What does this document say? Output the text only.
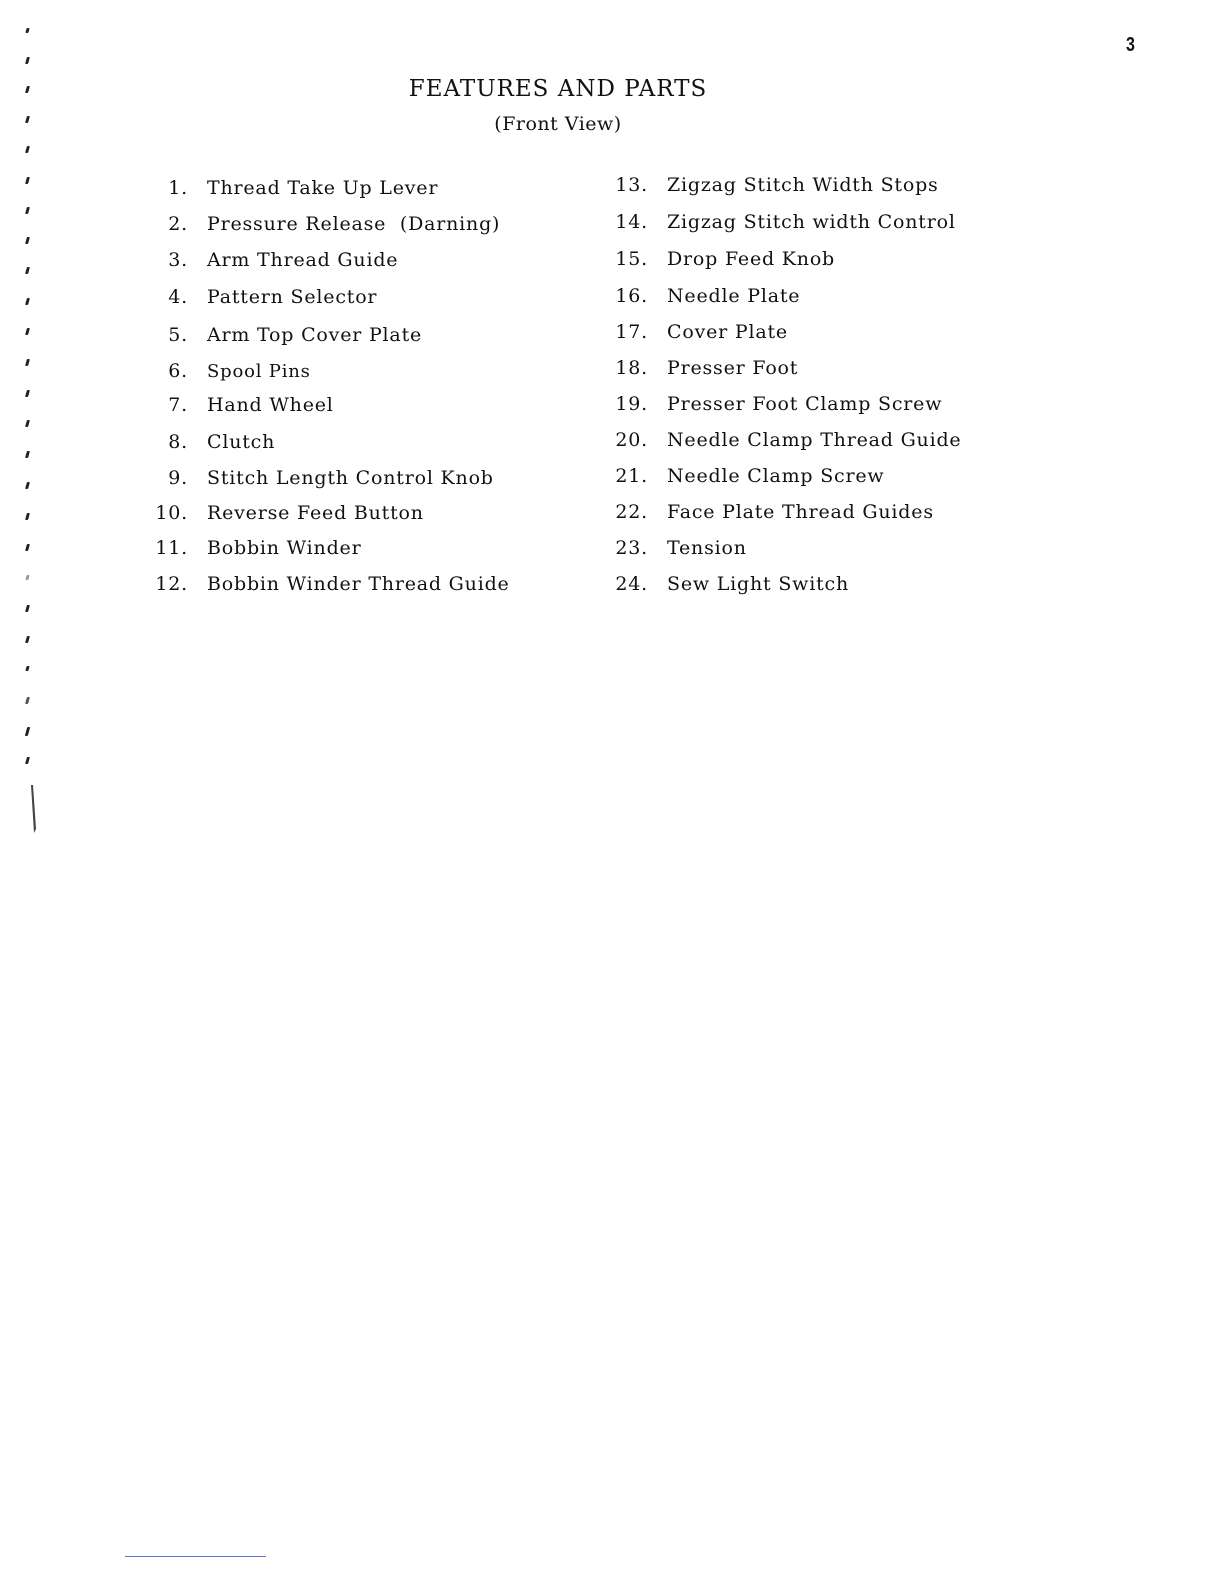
3
FEATURES AND PARTS
(Front View)
1. Thread Take Up Lever
2. Pressure Release  (Darning)
3. Arm Thread Guide
4. Pattern Selector
5. Arm Top Cover Plate
6. Spool Pins
7. Hand Wheel
8. Clutch
9. Stitch Length Control Knob
10. Reverse Feed Button
11. Bobbin Winder
12. Bobbin Winder Thread Guide
13. Zigzag Stitch Width Stops
14. Zigzag Stitch width Control
15. Drop Feed Knob
16. Needle Plate
17. Cover Plate
18. Presser Foot
19. Presser Foot Clamp Screw
20. Needle Clamp Thread Guide
21. Needle Clamp Screw
22. Face Plate Thread Guides
23. Tension
24. Sew Light Switch
